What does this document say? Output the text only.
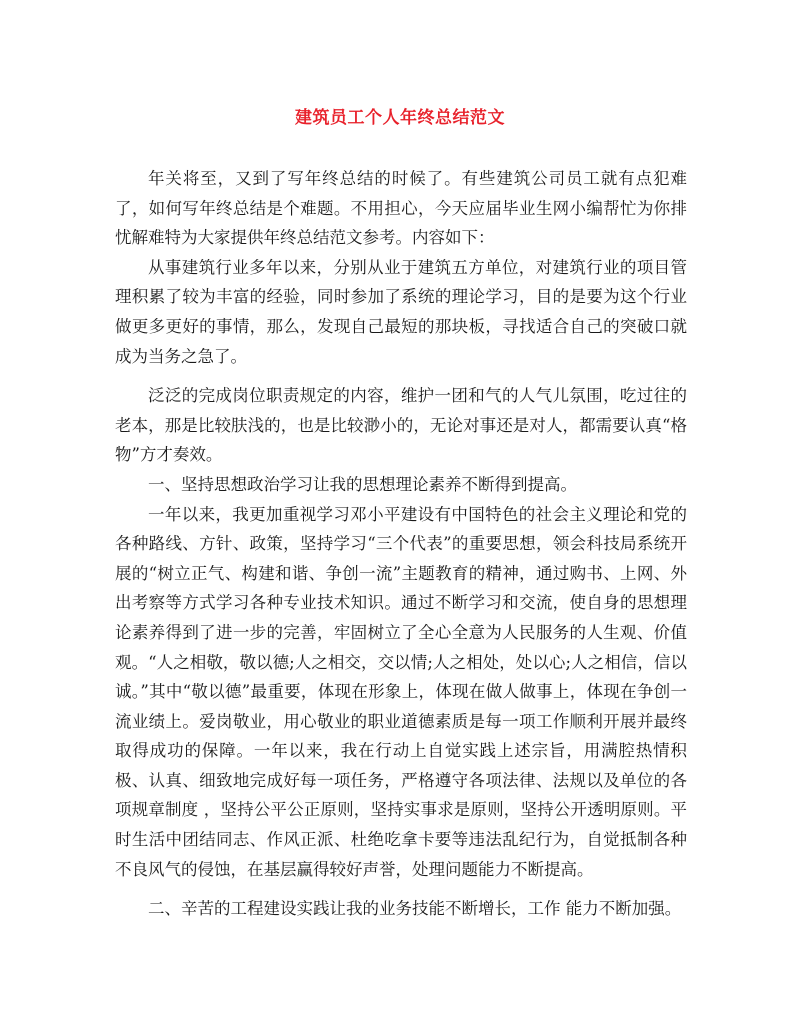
建筑员工个人年终总结范文

年关将至，又到了写年终总结的时候了。有些建筑公司员工就有点犯难了，如何写年终总结是个难题。不用担心，今天应届毕业生网小编帮忙为你排忧解难特为大家提供年终总结范文参考。内容如下：

从事建筑行业多年以来，分别从业于建筑五方单位，对建筑行业的项目管理积累了较为丰富的经验，同时参加了系统的理论学习，目的是要为这个行业做更多更好的事情，那么，发现自己最短的那块板，寻找适合自己的突破口就成为当务之急了。

泛泛的完成岗位职责规定的内容，维护一团和气的人气儿氛围，吃过往的老本，那是比较肤浅的，也是比较渺小的，无论对事还是对人，都需要认真“格物”方才奏效。

一、坚持思想政治学习让我的思想理论素养不断得到提高。

一年以来，我更加重视学习邓小平建设有中国特色的社会主义理论和党的各种路线、方针、政策，坚持学习“三个代表”的重要思想，领会科技局系统开展的“树立正气、构建和谐、争创一流”主题教育的精神，通过购书、上网、外出考察等方式学习各种专业技术知识。通过不断学习和交流，使自身的思想理论素养得到了进一步的完善，牢固树立了全心全意为人民服务的人生观、价值观。“人之相敬，敬以德;人之相交，交以情;人之相处，处以心;人之相信，信以诚。”其中“敬以德”最重要，体现在形象上，体现在做人做事上，体现在争创一流业绩上。爱岗敬业，用心敬业的职业道德素质是每一项工作顺利开展并最终取得成功的保障。一年以来，我在行动上自觉实践上述宗旨，用满腔热情积极、认真、细致地完成好每一项任务，严格遵守各项法律、法规以及单位的各项规章制度 ，坚持公平公正原则，坚持实事求是原则，坚持公开透明原则。平时生活中团结同志、作风正派、杜绝吃拿卡要等违法乱纪行为，自觉抵制各种不良风气的侵蚀，在基层赢得较好声誉，处理问题能力不断提高。

二、辛苦的工程建设实践让我的业务技能不断增长，工作 能力不断加强。
